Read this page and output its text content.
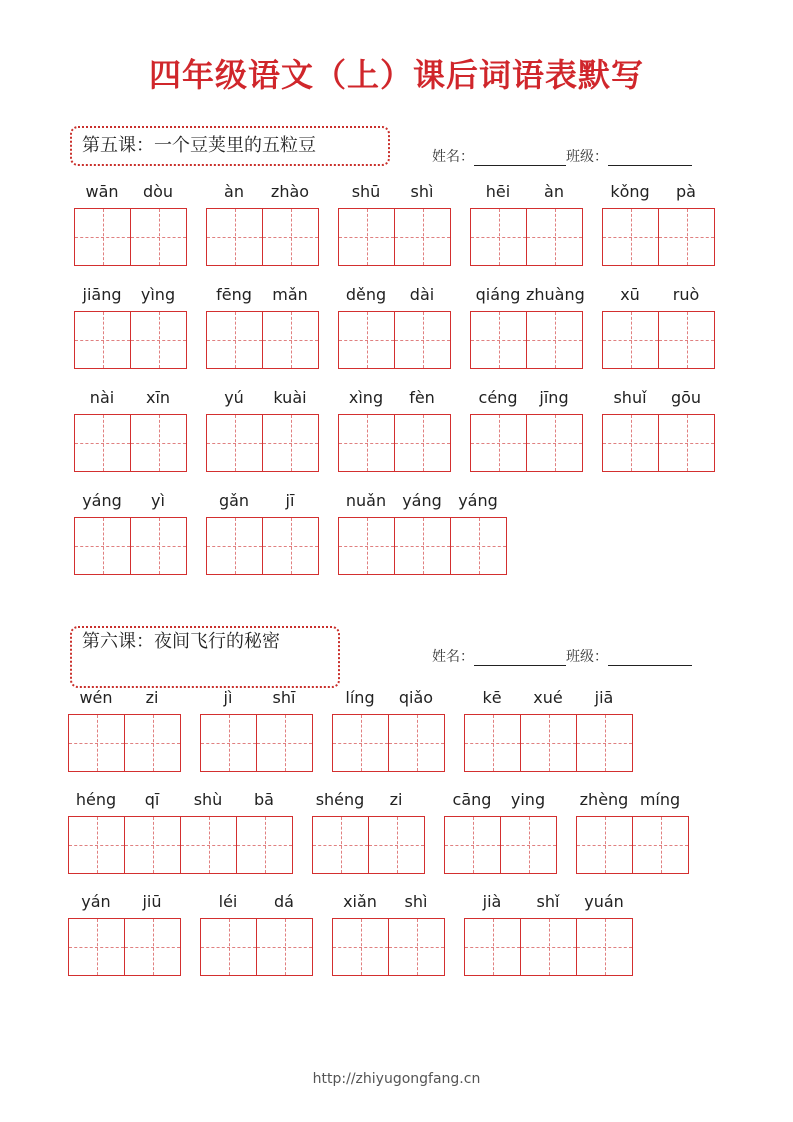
四年级语文（上）课后词语表默写
第五课：一个豆荚里的五粒豆
姓名：	班级：
第六课：夜间飞行的秘密
姓名：	班级：
wān	dòu	àn	zhào	shū	shì	hēi	àn	kǒng	pà
jiāng	yìng	fēng	mǎn	děng	dài	qiáng zhuàng	xū	ruò
nài	xīn	yú	kuài	xìng	fèn	céng	jīng	shuǐ	gōu
yáng	yì	gǎn	jī	nuǎn	yáng	yáng
wén	zi	jì	shī	líng	qiǎo	kē	xué	jiā
héng	qī	shù	bā	shéng	zi	cāng	ying	zhèng míng
yán	jiū	léi	dá	xiǎn	shì	jià	shǐ	yuán
http://zhiyugongfang.cn
